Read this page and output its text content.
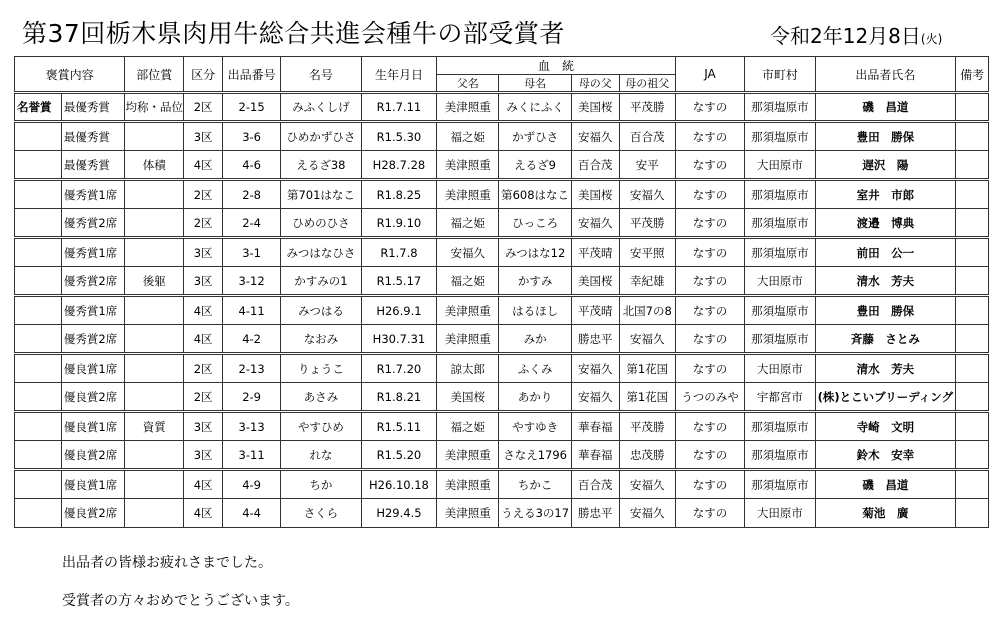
第37回栃木県肉用牛総合共進会種牛の部受賞者	令和2年12月8日(火)
褒賞内容		部位賞	区分	出品番号	名号	生年月日	血　統				JA	市町村	出品者氏名	備考
							父名	母名	母の父	母の祖父				
名誉賞	最優秀賞	均称・品位	2区	2-15	みふくしげ	R1.7.11	美津照重	みくにふく	美国桜	平茂勝	なすの	那須塩原市	磯　昌道	
	最優秀賞		3区	3-6	ひめかずひさ	R1.5.30	福之姫	かずひさ	安福久	百合茂	なすの	那須塩原市	豊田　勝保	
	最優秀賞	体積	4区	4-6	えるざ38	H28.7.28	美津照重	えるざ9	百合茂	安平	なすの	大田原市	遅沢　陽	
	優秀賞1席		2区	2-8	第701はなこ	R1.8.25	美津照重	第608はなこ	美国桜	安福久	なすの	那須塩原市	室井　市郎	
	優秀賞2席		2区	2-4	ひめのひさ	R1.9.10	福之姫	ひっころ	安福久	平茂勝	なすの	那須塩原市	渡邉　博典	
	優秀賞1席		3区	3-1	みつはなひさ	R1.7.8	安福久	みつはな12	平茂晴	安平照	なすの	那須塩原市	前田　公一	
	優秀賞2席	後躯	3区	3-12	かすみの1	R1.5.17	福之姫	かすみ	美国桜	幸紀雄	なすの	大田原市	清水　芳夫	
	優秀賞1席		4区	4-11	みつはる	H26.9.1	美津照重	はるほし	平茂晴	北国7の8	なすの	那須塩原市	豊田　勝保	
	優秀賞2席		4区	4-2	なおみ	H30.7.31	美津照重	みか	勝忠平	安福久	なすの	那須塩原市	斉藤　さとみ	
	優良賞1席		2区	2-13	りょうこ	R1.7.20	諒太郎	ふくみ	安福久	第1花国	なすの	大田原市	清水　芳夫	
	優良賞2席		2区	2-9	あさみ	R1.8.21	美国桜	あかり	安福久	第1花国	うつのみや	宇都宮市	(株)とこいブリーディング	
	優良賞1席	資質	3区	3-13	やすひめ	R1.5.11	福之姫	やすゆき	華春福	平茂勝	なすの	那須塩原市	寺崎　文明	
	優良賞2席		3区	3-11	れな	R1.5.20	美津照重	さなえ1796	華春福	忠茂勝	なすの	那須塩原市	鈴木　安幸	
	優良賞1席		4区	4-9	ちか	H26.10.18	美津照重	ちかこ	百合茂	安福久	なすの	那須塩原市	磯　昌道	
	優良賞2席		4区	4-4	さくら	H29.4.5	美津照重	うえる3の17	勝忠平	安福久	なすの	大田原市	菊池　廣	
出品者の皆様お疲れさまでした。
受賞者の方々おめでとうございます。
